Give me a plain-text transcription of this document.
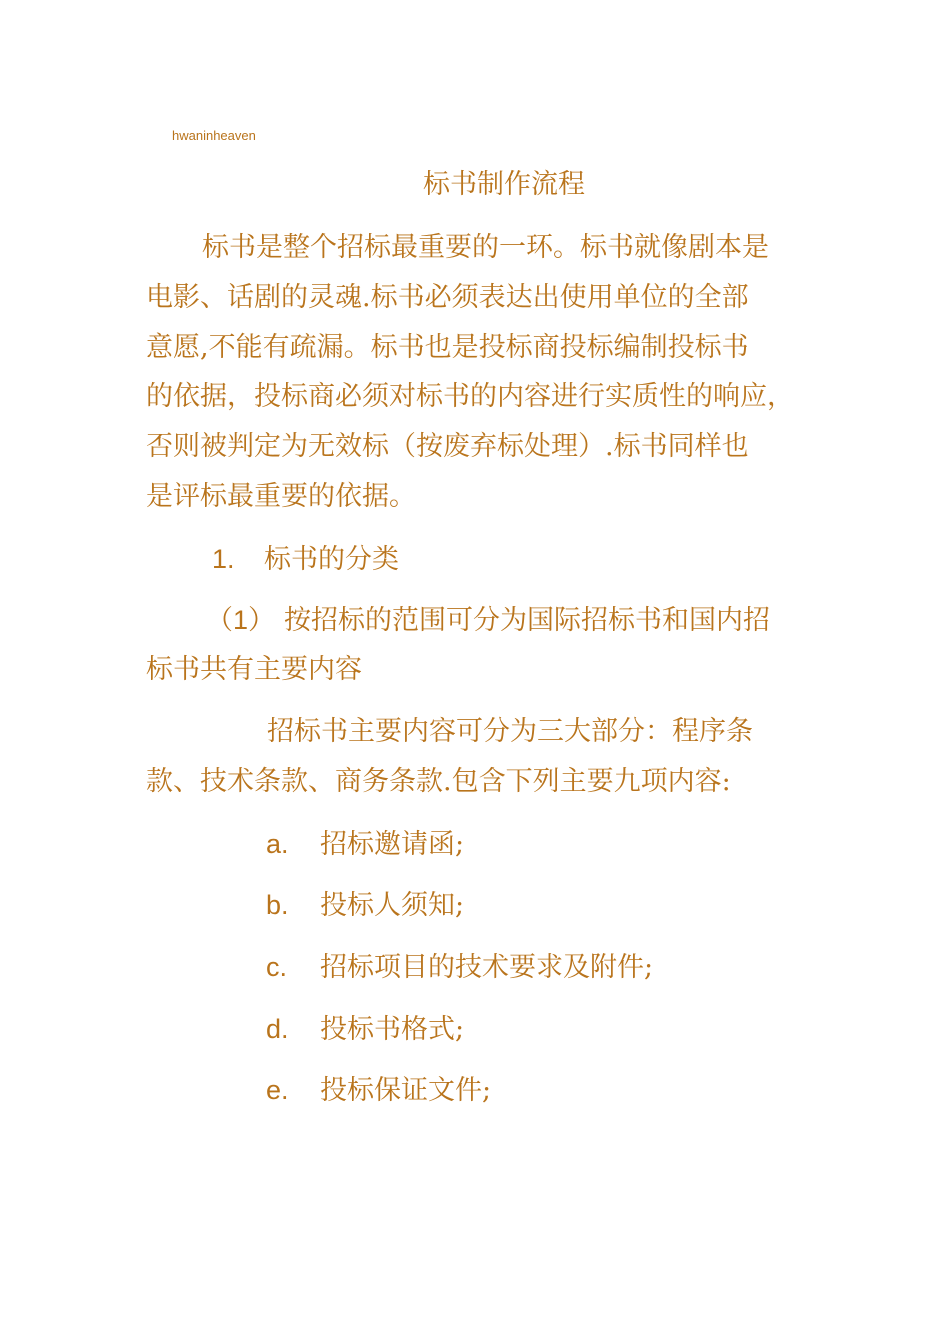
hwaninheaven
标书制作流程
标书是整个招标最重要的一环。标书就像剧本是
电影、话剧的灵魂.标书必须表达出使用单位的全部
意愿,不能有疏漏。标书也是投标商投标编制投标书
的依据，投标商必须对标书的内容进行实质性的响应，
否则被判定为无效标（按废弃标处理）.标书同样也
是评标最重要的依据。
1. 标书的分类
（1） 按招标的范围可分为国际招标书和国内招
标书共有主要内容
招标书主要内容可分为三大部分：程序条
款、技术条款、商务条款.包含下列主要九项内容:
a. 招标邀请函;
b. 投标人须知;
c. 招标项目的技术要求及附件;
d. 投标书格式;
e. 投标保证文件;
